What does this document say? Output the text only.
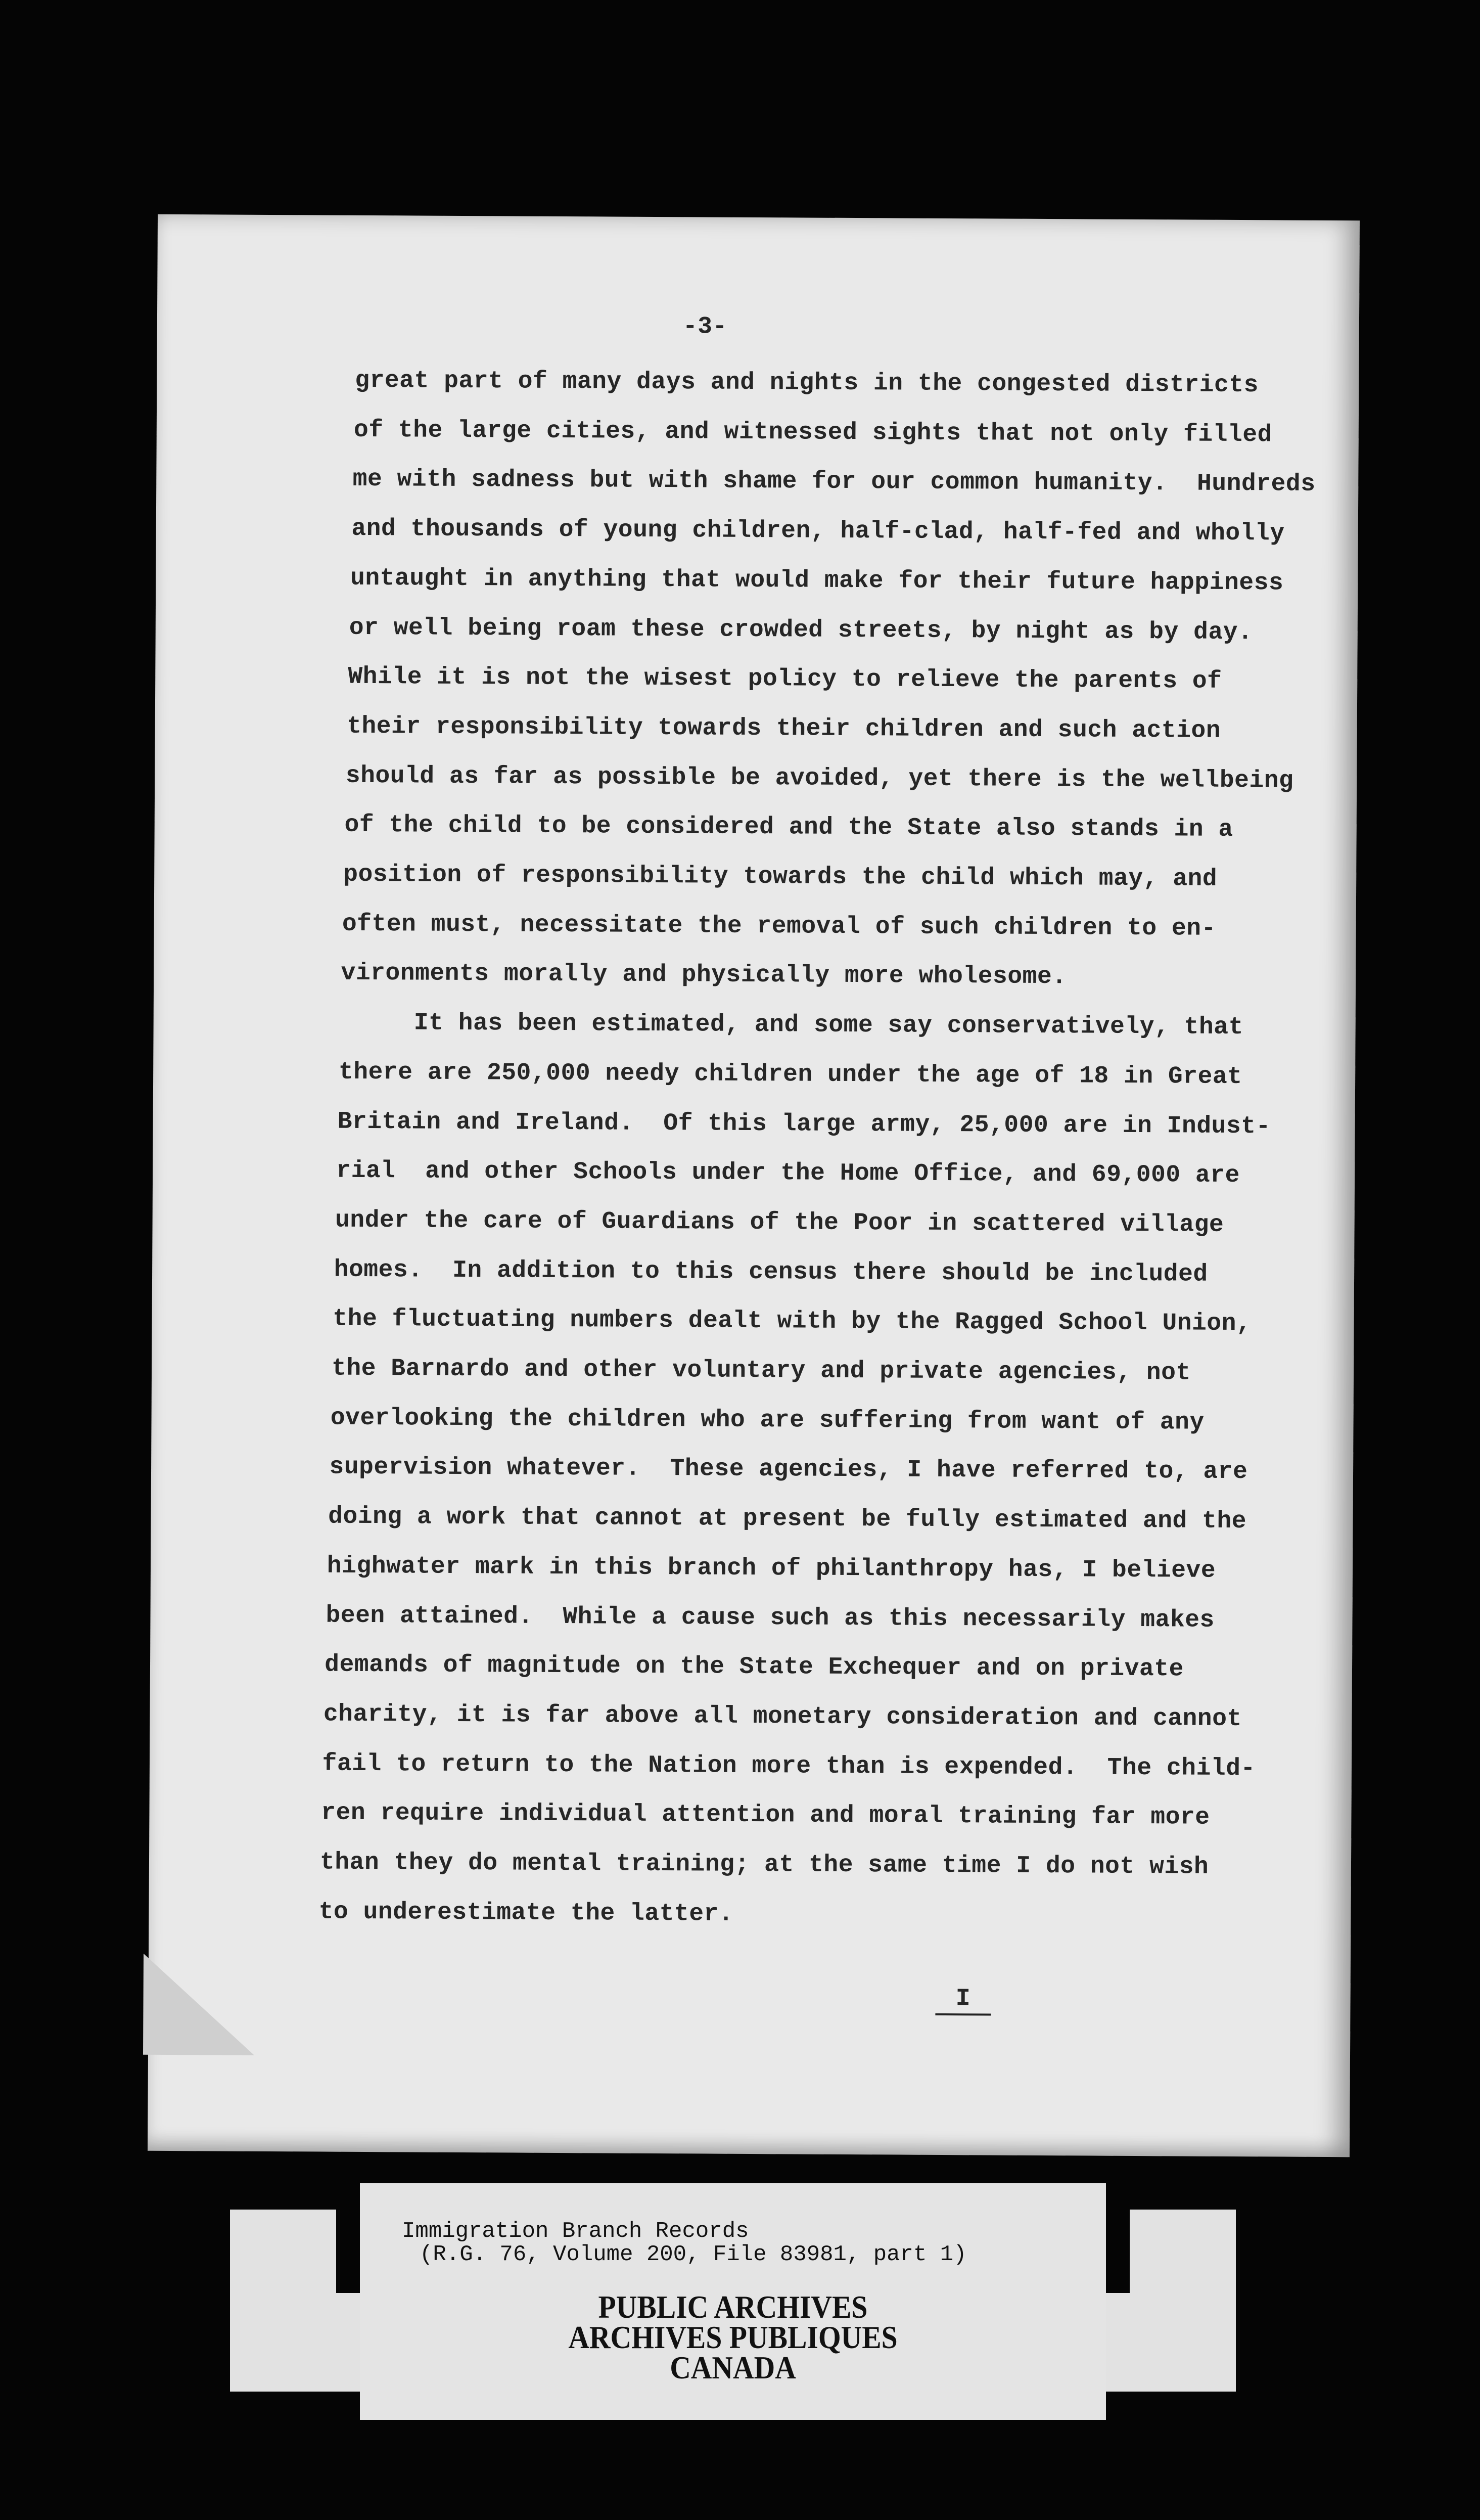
-3-
great part of many days and nights in the congested districts
of the large cities, and witnessed sights that not only filled
me with sadness but with shame for our common humanity.  Hundreds
and thousands of young children, half-clad, half-fed and wholly
untaught in anything that would make for their future happiness
or well being roam these crowded streets, by night as by day.
While it is not the wisest policy to relieve the parents of
their responsibility towards their children and such action
should as far as possible be avoided, yet there is the wellbeing
of the child to be considered and the State also stands in a
position of responsibility towards the child which may, and
often must, necessitate the removal of such children to en-
vironments morally and physically more wholesome.
It has been estimated, and some say conservatively, that
there are 250,000 needy children under the age of 18 in Great
Britain and Ireland.  Of this large army, 25,000 are in Indust-
rial  and other Schools under the Home Office, and 69,000 are
under the care of Guardians of the Poor in scattered village
homes.  In addition to this census there should be included
the fluctuating numbers dealt with by the Ragged School Union,
the Barnardo and other voluntary and private agencies, not
overlooking the children who are suffering from want of any
supervision whatever.  These agencies, I have referred to, are
doing a work that cannot at present be fully estimated and the
highwater mark in this branch of philanthropy has, I believe
been attained.  While a cause such as this necessarily makes
demands of magnitude on the State Exchequer and on private
charity, it is far above all monetary consideration and cannot
fail to return to the Nation more than is expended.  The child-
ren require individual attention and moral training far more
than they do mental training; at the same time I do not wish
to underestimate the latter.

I

Immigration Branch Records
(R.G. 76, Volume 200, File 83981, part 1)
PUBLIC ARCHIVES
ARCHIVES PUBLIQUES
CANADA
